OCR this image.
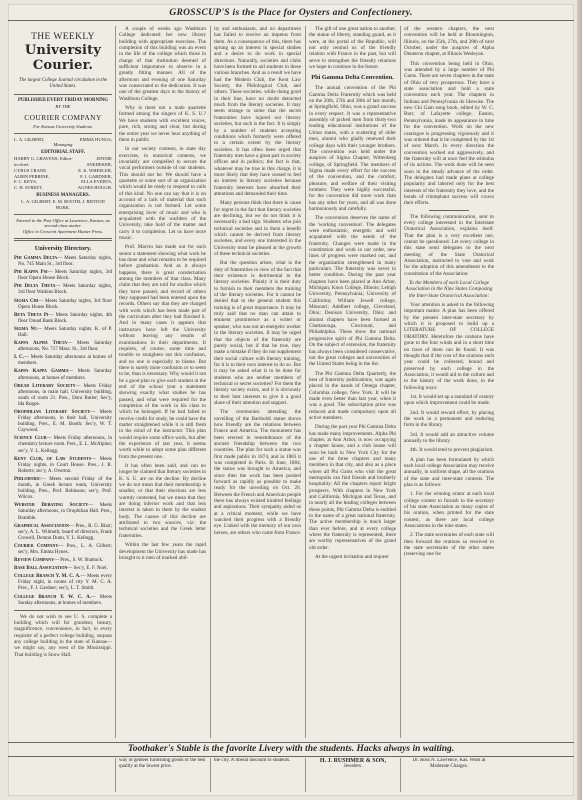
GROSSCUP'S is the Place for Oysters and Confectionery.
THE WEEKLY
University Courier.
The largest College Journal circulation in the United States.
PUBLISHED EVERY FRIDAY MORNING
BY THE
COURIER COMPANY
For Kansas University Students.
L. A. GILBERT,	EMMA HUNGS,
Managing
EDITORIAL STAFF.
HARRY G. GRAVENS, Editor-in-chief.
CYRUS CRANE,
ALBIN PERRINE,
F. C. KEYS,
C. H. STREET,
JENNIE SNEDEKER,
E. K. WHEELER,
F. J. GARDNER,
ELLA EVERTS,
AGNES HOUGH.
BUSINESS MANAGERS.
L. A. GILBERT, E. M. BOOTH, J. BENTON BURK.
Entered in the Post Office at Lawrence, Kansas, as second-class matter.
Office in Crescent Apartment Hunter Press.
University Directory.

Phi Gamma Delta— Meets Saturday nights, No. 745 Main St., 3rd floor.

Phi Kappa Psi— Meets Saturday nights, 3rd floor Opera House Block.

Phi Delta Theta— Meets Saturday nights, 3rd floor Watkins Block.

Sigma Chi— Meets Saturday nights, 3rd floor Opera House Block.

Beta Theta Pi— Meets Saturday nights, 4th floor Oread Bank Block.

Sigma Nu— Meets Saturday nights, K. of P. Hall.

Kappa Alpha Theta— Meets Saturday afternoons, No. 717 Mass. St., 3rd floor.

I. C.— Meets Saturday afternoons at homes of members.

Kappa Kappa Gamma— Meets Saturday afternoons, at homes of members.

Oread Literary Society— Meets Friday afternoons, in main hall, University building, south of room 21. Pres., Dora Butler; Sec'y, Ida Ruppe.

Orophilian Literary Society— Meets Friday afternoons, in their hall, University building. Pres., E. M. Booth; Sec'y, W. T. Caywood.

Science Club— Meets Friday afternoons, in chemistry lecture room. Pres., E. L. McAlpine; sec'y, V. L. Kellogg.

Kent Club, of Law Students— Meets Friday nights, in Court House. Pres., J. R. Roberts; sec'y, A. Overton.

Philodoric— Meets second Friday of the month, in Greek lecture room, University building. Pres., Prof. Robinson; sec'y, Prof. Wilcox.

Webster Debating Society— Meets Saturday afternoons, in Orophilian Hall. Pres., Bramble.

Graphical Association— Pres., R. G. Blair; sec'y, A. L. Wilmoth; board of directors, Frank Crowell, Denton Dunn, V. L. Kellogg.

Courier Company— Pres., L. A. Gilbert; sec'y, Mrs. Emma Hynes.

Review Company— Pres., S. W. Shattuck.

Base Ball Association— Sec'y, E. F. Noel.

College Branch Y. M. C. A.— Meets every Friday night, in rooms of city Y. M. C. A. Pres., F. J. Gardner; sec'y, L. T. Smith.

College Branch Y. W. C. A.— Meets Sunday afternoons, at homes of members.

We do not wish to see U. S. complete a building which will for grandeur, beauty, magnificence, convenience, in fact, in every requisite of a perfect college building, surpass any college building in the state of Kansas—we might say, any west of the Mississippi. That building is Snow Hall.

A couple of weeks ago Washburn College dedicated her new library building with appropriate exercises. The completion of this building was an event in the life of the college which those in charge of that institution deemed of sufficient importance to observe in a greatly fitting manner. All of the afternoon and evening of one Saturday was consecrated to the dedication. It was one of the greatest days in the history of Washburn College.

Why is there not a male quartette formed among the singers of K. S. U.? We have students with excellent voices, pure, rich, strong and clear, but during the entire year we never hear anything of them in public.

In our society contests, in state day exercises, in oratorical contests, we invariably are compelled to secure the vocal performers outside of our students. This should not be. We should have a quartette or some sort of an organization which would be ready to respond to calls of this kind. No one can say that it is on account of a lack of material that such organization is not formed. Let some enterprising lover of music and who is acquainted with the warblers of the University, take hold of the matter and carry it to completion. Let us have more music.

Prof. Marvin has made out for each senior a statement showing what work he has done and what remains to be required before graduation. And as it always happens, there is great consternation among the members of that class. Many claim that they are told for studies which they have passed, and record of others they supposed had been entered upon the records. Others say that they are charged with work which has been made part of the curriculum after they had finished it. And in many cases it appears that instructors have left the University without leaving any results of examinations in their departments. It requires, of course, some time and trouble to straighten out this confusion, and no one is especially to blame. But there is surely more confusion or to seem to be, than is necessary. Why would it not be a good plan to give each student at the end of the school year a statement showing exactly what studies he has passed, and what were required for the completion of the work in his class to which he belonged. If he had failed to receive credit for study, he could have the matter straightened while it is still fresh in the mind of the instructor. This plan would require some office work, but after the experience of last year, it seems worth while to adopt some plan different from the present one.

It has often been said, and can no longer be claimed that literary societies in K. S. U. are on the decline. By decline we do not mean that their membership is smaller, or that their elections are less warmly contested, but we mean that they are doing inferior work and that less interest is taken in them by the student body. The causes of this decline are attributed to two sources, viz: the technical societies and the Greek letter fraternities.

Within the last few years the rapid development the University has made has brought to it men of marked abil-

ity and enthusiasm, and no department has failed to receive an impetus from them. As a consequence of this, there has sprung up an interest in special studies and a desire to do work in special directions. Naturally, societies and clubs have been formed to aid students in these various branches. And as a result we have had the Modern Club, the Kent Law Society, the Philological Club, and others. These societies, while doing good in their line, have no doubt detracted much from the literary societies. It may seem strange to some that the secret fraternities have injured our literary societies, but such is the fact. It is simply by a number of students accepting conditions which formerly were offered to a certain extent by the literary societies. It has often been urged that fraternity men have a great part in society offices and in politics; the fact is that, whatever may be true in this charge, it is more likely that they have ceased to feel an interest in literary societies because fraternity interests have absorbed their attentions and demanded their time.

Many persons think that there is cause for regret in the fact that literary societies are declining, but we do not think it is necessarily a bad sign. Students who join technical societies and in them a benefit which cannot be derived from literary societies, and every one interested in the University must be pleased at the growth of these technical societies.

But the question arises, what is the duty of fraternities in view of the fact that their existence is detrimental to the literary societies. Plainly it is their duty to furnish to their members the training of the literary societies. For it cannot be denied that to the general student this training is of great importance. It may be truly said that no man can attain to eminent prominence as a writer or speaker, who was not an energetic worker in the literary societies. It may be urged that the objects of the fraternity are purely social, but if that be true, they make a mistake if they do not supplement their social culture with literary training, for it is to their own interest to do so. But it may be asked what is to be done for students who are neither members of technical or secret societies? For them the literary society exists, and it is obviously to their best interests to give it a good share of their attention and support.

The ceremonies attending the unveiling of the Bartholdi statue shows how friendly are the relations between France and America. The monument has been erected in remembrance of the ancient friendship between the two countries. The plan for such a statue was first made public in 1874, and in 1883 it was completed in Paris. In June, 1884, the statue was brought to America, and since then the work has been pushed forward as rapidly as possible to make ready for the unveiling on Oct. 28. Between the French and American people there has always existed kindred feelings and aspirations. Their sympathy aided us at a critical moment, while we have watched their progress with a friendly eye. Linked with the memory of our own heroes, are others who came from France.

The gift of one great nation to another, the statue of liberty, standing guard, as it were, at the portal of the Republic, will not only remind us of the friendly relation with France in the past, but will serve to strengthen the friendly relations we hope to continue in the future.

Phi Gamma Delta Convention.

The annual convention of the Phi Gamma Delta Fraternity which was held on the 20th, 27th and 28th of last month, at Springfield, Ohio, was a grand success in every respect. It was a representative assembly of picked men from thirty-two leading educational institutions of the Union states, with a scattering of older men, alumni who gladly renewed their college days with their younger brothers. The convention was held under the auspices of Sigma Chapter, Wittenberg college, of Springfield. The members of Sigma made every effort for the success of the convention, and the comfort, pleasure, and welfare of their visiting brothers. They were highly successful, for the convention did more work than has any other for years, and all was done harmoniously and carefully.

The convention deserves the name of the 'working convention'. The delegates were enthusiastic, energetic and well acquainted with the needs of the fraternity. Changes were made in the constitution and work in our order, new lines of progress were marked out, and the organization strengthened in many particulars. The fraternity was never in better condition. During the past year chapters have been placed at Ann Arbor, Michigan; Knox College, Illinois; Lehigh University, Pennsylvania; University of California; William Jewell college, Missouri; Adelbert college, Cleveland, Ohio; Denison University, Ohio; and alumni chapters have been formed at Chattanooga, Cincinnati, and Philadelphia. These show the national progressive spirit of Phi Gamma Delta. On the subject of extension, the fraternity has always been considered conservative, not the great colleges and universities of the United States being in the list.

The Phi Gamma Delta Quarterly, the best of fraternity publications, was again placed in the hands of Omega chapter, Columbia college, New York. It will be made even better than last year, when it was a good. The subscription price was reduced and made compulsory upon all active members.

During the past year Phi Gamma Delta has made many improvements. Alpha Phi chapter, at Ann Arbor, is now occupying a chapter house, and a club house will soon be built in New York City for the use of the three chapters and many members in that city, and also as a place where all Phi Gams who visit the great metropolis can find friends and brotherly hospitality. All the chapters report bright prospects. With chapters in New York and California, Michigan and Texas, and in nearly all the leading colleges between those points, Phi Gamma Delta is entitled to the name of a great national fraternity. The active membership is much larger than ever before, and at every college where the fraternity is represented, there are worthy representatives of the grand old order.

At the urgent invitation and request

of the western chapters, the next convention will be held at Bloomington, Illinois, on the 25th, 27th, and 28th of next October, under the auspices of Alpha Deuteron chapter, at Illinois Wesleyan.

This convention being held in Ohio, was attended by a large number of Phi Gams. There are seven chapters in the state of Ohio of very prosperous. They have a state association and hold a state convention each year. The chapters in Indiana and Pennsylvania do likewise. The new Chi Gam song book, edited by W. C. Burr, of Lafayette college, Easton, Pennsylvania, made its appearance in time for the convention. Work on the new catalogue is progressing vigorously and it was ordered that it be completed by the 1st of next March. In every direction the convention worked out aggressively, and the fraternity will at once feel the stimulus of its actions. The work done will be seen soon in the steady advance of the order. The delegates had made plans at college popularity and labored only for the best interests of the fraternity they love, and the bonds of triumphant success will crown their efforts.

The following communication, sent to every college interested in the Interstate Oratorical Association, explains itself. That the plan is a very excellent one, cannot be questioned. Let every college in this state send delegates to the next meeting of the State Oratorical Association, instructed to vote and work for the adoption of this amendment to the constitution of the Association:

To the Members of each Local College Association in the Nine States Composing the Inter-State Oratorical Association:

Your attention is asked to the following important matter. A plan has been offered by the present inter-state secretary by which it is proposed to build up a LITERATURE OF COLLEGE ORATORY. Heretofore the orations have gone to the four winds and in a short time no trace of them can be found. It was thought that if the cost of the orations each year could be collected, bound and preserved by each college in the Association, it would aid to the culture and to the history of the work done, in the following ways:

1st. It would set up a standard of oratory upon which improvement could be made.

2nd. It would reward effort, by placing the work in a permanent and enduring form in the library.

3rd. It would add an attractive volume annually to the library.

4th. It would tend to prevent plagiarism.

A plan has been formulated by which each local college Association may receive annually, in uniform shape, all the orations of the state and inter-state contests. The plan is as follows:

1. For the winning orator at each local college contest to furnish to the secretary of his state Association as many copies of his oration, when printed for the state contest, as there are local college Associations in the nine states.

2. The state secretaries of each state will then forward the orations so received to the state secretaries of the other states (reserving one for

Toothaker's Stable is the favorite Livery with the students. Hacks always in waiting.
way of genteel furnishing goods of the best quality at the lowest price.
the city. A liberal discount to students.	H. J. RUSHMER & SON,
Jewelers.
Dr. Ross N. Lawrence, Kas. Work at Moderate Charges.
